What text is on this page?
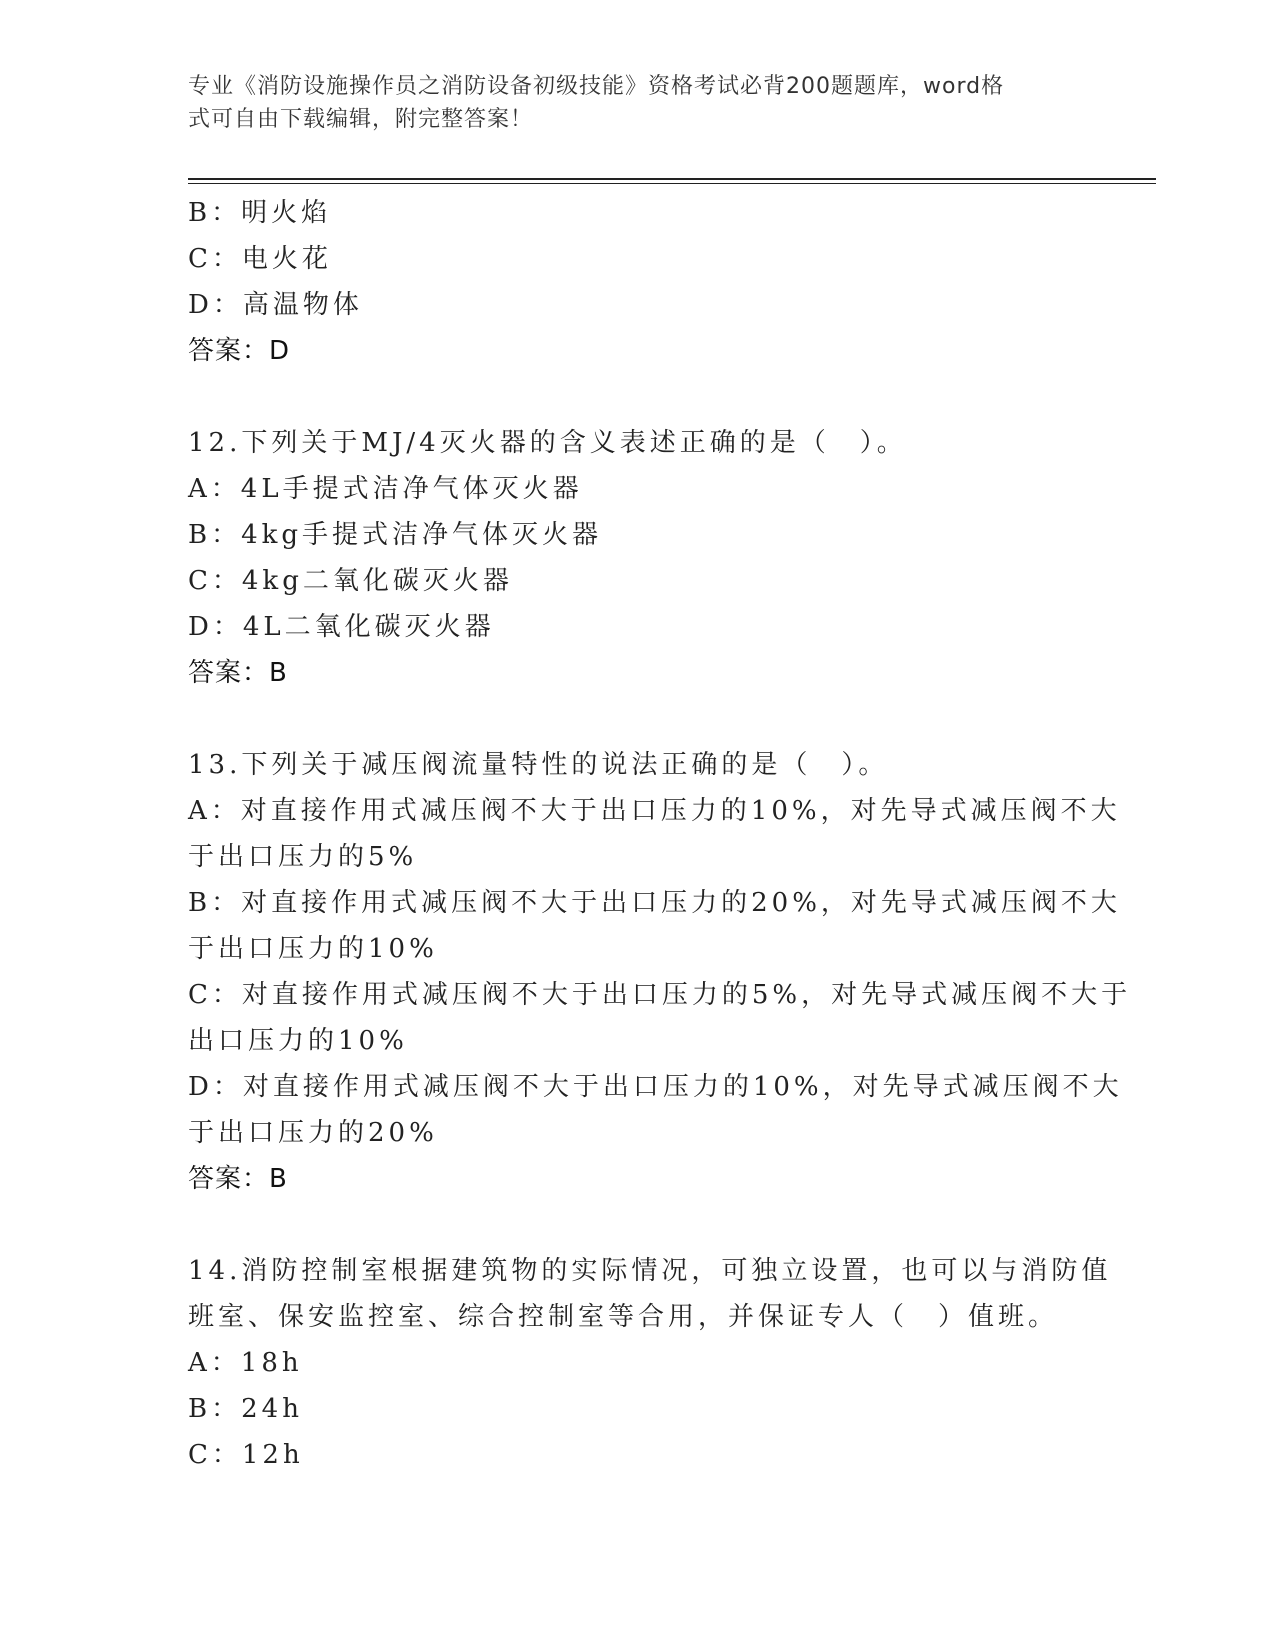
专业《消防设施操作员之消防设备初级技能》资格考试必背200题题库，word格
式可自由下载编辑，附完整答案！
B：明火焰
C：电火花
D：高温物体
答案：D
12.下列关于MJ/4灭火器的含义表述正确的是（　）。
A：4L手提式洁净气体灭火器
B：4kg手提式洁净气体灭火器
C：4kg二氧化碳灭火器
D：4L二氧化碳灭火器
答案：B
13.下列关于减压阀流量特性的说法正确的是（　）。
A：对直接作用式减压阀不大于出口压力的10%，对先导式减压阀不大
于出口压力的5%
B：对直接作用式减压阀不大于出口压力的20%，对先导式减压阀不大
于出口压力的10%
C：对直接作用式减压阀不大于出口压力的5%，对先导式减压阀不大于
出口压力的10%
D：对直接作用式减压阀不大于出口压力的10%，对先导式减压阀不大
于出口压力的20%
答案：B
14.消防控制室根据建筑物的实际情况，可独立设置，也可以与消防值
班室、保安监控室、综合控制室等合用，并保证专人（　）值班。
A：18h
B：24h
C：12h
